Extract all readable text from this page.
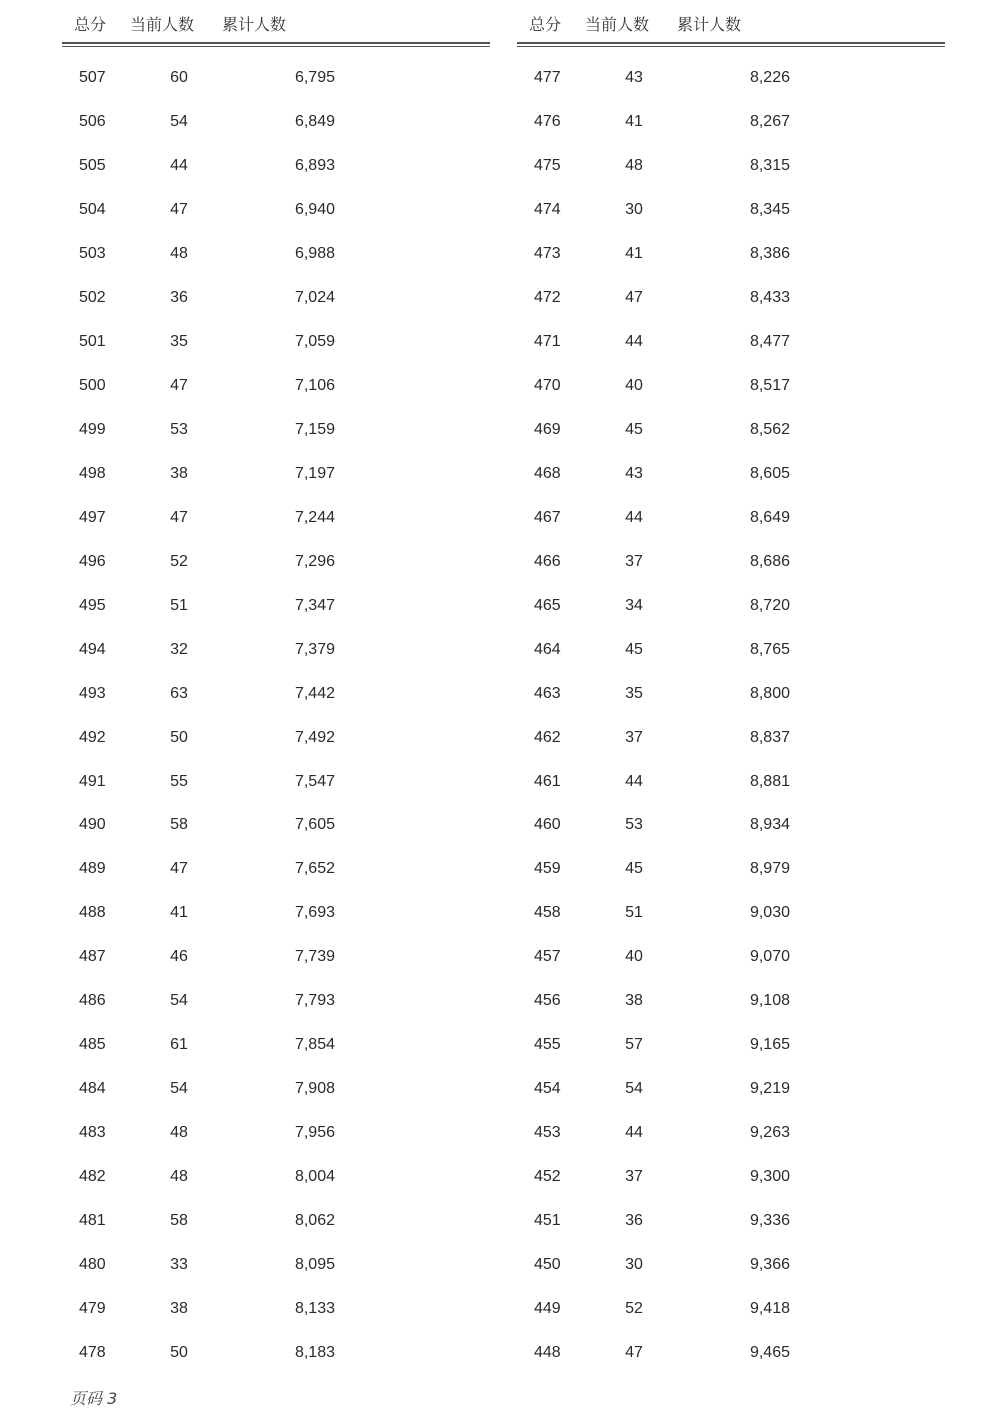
总分 当前人数 累计人数
507	60	6,795
506	54	6,849
505	44	6,893
504	47	6,940
503	48	6,988
502	36	7,024
501	35	7,059
500	47	7,106
499	53	7,159
498	38	7,197
497	47	7,244
496	52	7,296
495	51	7,347
494	32	7,379
493	63	7,442
492	50	7,492
491	55	7,547
490	58	7,605
489	47	7,652
488	41	7,693
487	46	7,739
486	54	7,793
485	61	7,854
484	54	7,908
483	48	7,956
482	48	8,004
481	58	8,062
480	33	8,095
479	38	8,133
478	50	8,183
总分 当前人数 累计人数
477	43	8,226
476	41	8,267
475	48	8,315
474	30	8,345
473	41	8,386
472	47	8,433
471	44	8,477
470	40	8,517
469	45	8,562
468	43	8,605
467	44	8,649
466	37	8,686
465	34	8,720
464	45	8,765
463	35	8,800
462	37	8,837
461	44	8,881
460	53	8,934
459	45	8,979
458	51	9,030
457	40	9,070
456	38	9,108
455	57	9,165
454	54	9,219
453	44	9,263
452	37	9,300
451	36	9,336
450	30	9,366
449	52	9,418
448	47	9,465
页码 3
